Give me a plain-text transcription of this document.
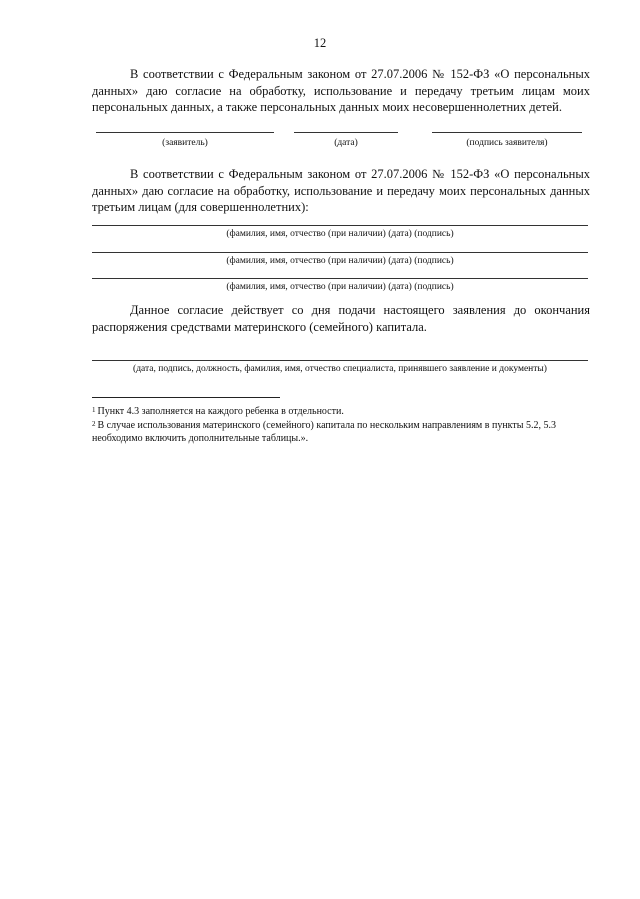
12

В соответствии с Федеральным законом от 27.07.2006 № 152-ФЗ «О персональных данных» даю согласие на обработку, использование и передачу третьим лицам моих персональных данных, а также персональных данных моих несовершеннолетних детей.

(заявитель)	(дата)	(подпись заявителя)

В соответствии с Федеральным законом от 27.07.2006 № 152-ФЗ «О персональных данных» даю согласие на обработку, использование и передачу моих персональных данных третьим лицам (для совершеннолетних):

(фамилия, имя, отчество (при наличии) (дата) (подпись)
(фамилия, имя, отчество (при наличии) (дата) (подпись)
(фамилия, имя, отчество (при наличии) (дата) (подпись)

Данное согласие действует со дня подачи настоящего заявления до окончания распоряжения средствами материнского (семейного) капитала.

(дата, подпись, должность, фамилия, имя, отчество специалиста, принявшего заявление и документы)

$^1$ Пункт 4.3 заполняется на каждого ребенка в отдельности.

$^2$ В случае использования материнского (семейного) капитала по нескольким направлениям в пункты 5.2, 5.3 необходимо включить дополнительные таблицы.».
